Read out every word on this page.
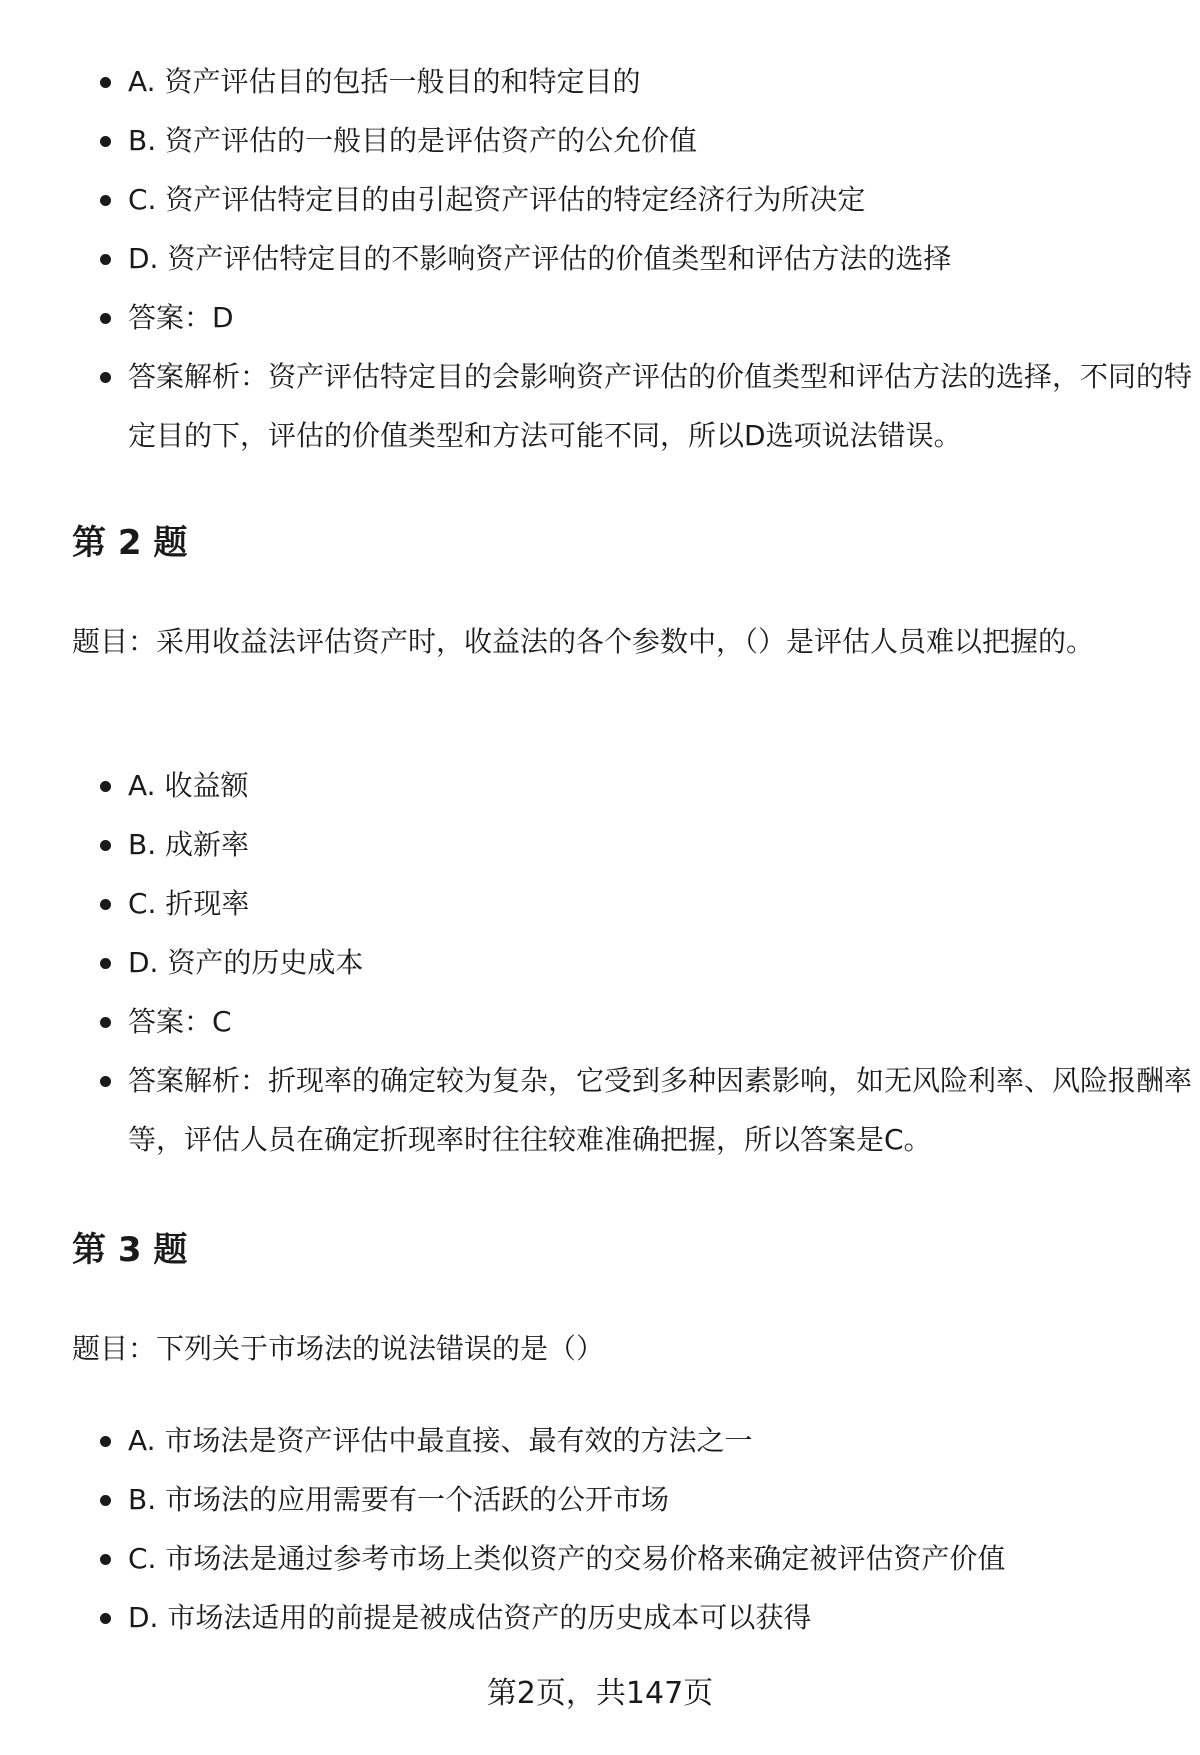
A. 资产评估目的包括一般目的和特定目的
B. 资产评估的一般目的是评估资产的公允价值
C. 资产评估特定目的由引起资产评估的特定经济行为所决定
D. 资产评估特定目的不影响资产评估的价值类型和评估方法的选择
答案：D
答案解析：资产评估特定目的会影响资产评估的价值类型和评估方法的选择，不同的特定目的下，评估的价值类型和方法可能不同，所以D选项说法错误。
第 2 题
题目：采用收益法评估资产时，收益法的各个参数中，（）是评估人员难以把握的。
A. 收益额
B. 成新率
C. 折现率
D. 资产的历史成本
答案：C
答案解析：折现率的确定较为复杂，它受到多种因素影响，如无风险利率、风险报酬率等，评估人员在确定折现率时往往较难准确把握，所以答案是C。
第 3 题
题目：下列关于市场法的说法错误的是（）
A. 市场法是资产评估中最直接、最有效的方法之一
B. 市场法的应用需要有一个活跃的公开市场
C. 市场法是通过参考市场上类似资产的交易价格来确定被评估资产价值
D. 市场法适用的前提是被成估资产的历史成本可以获得
第2页，共147页
